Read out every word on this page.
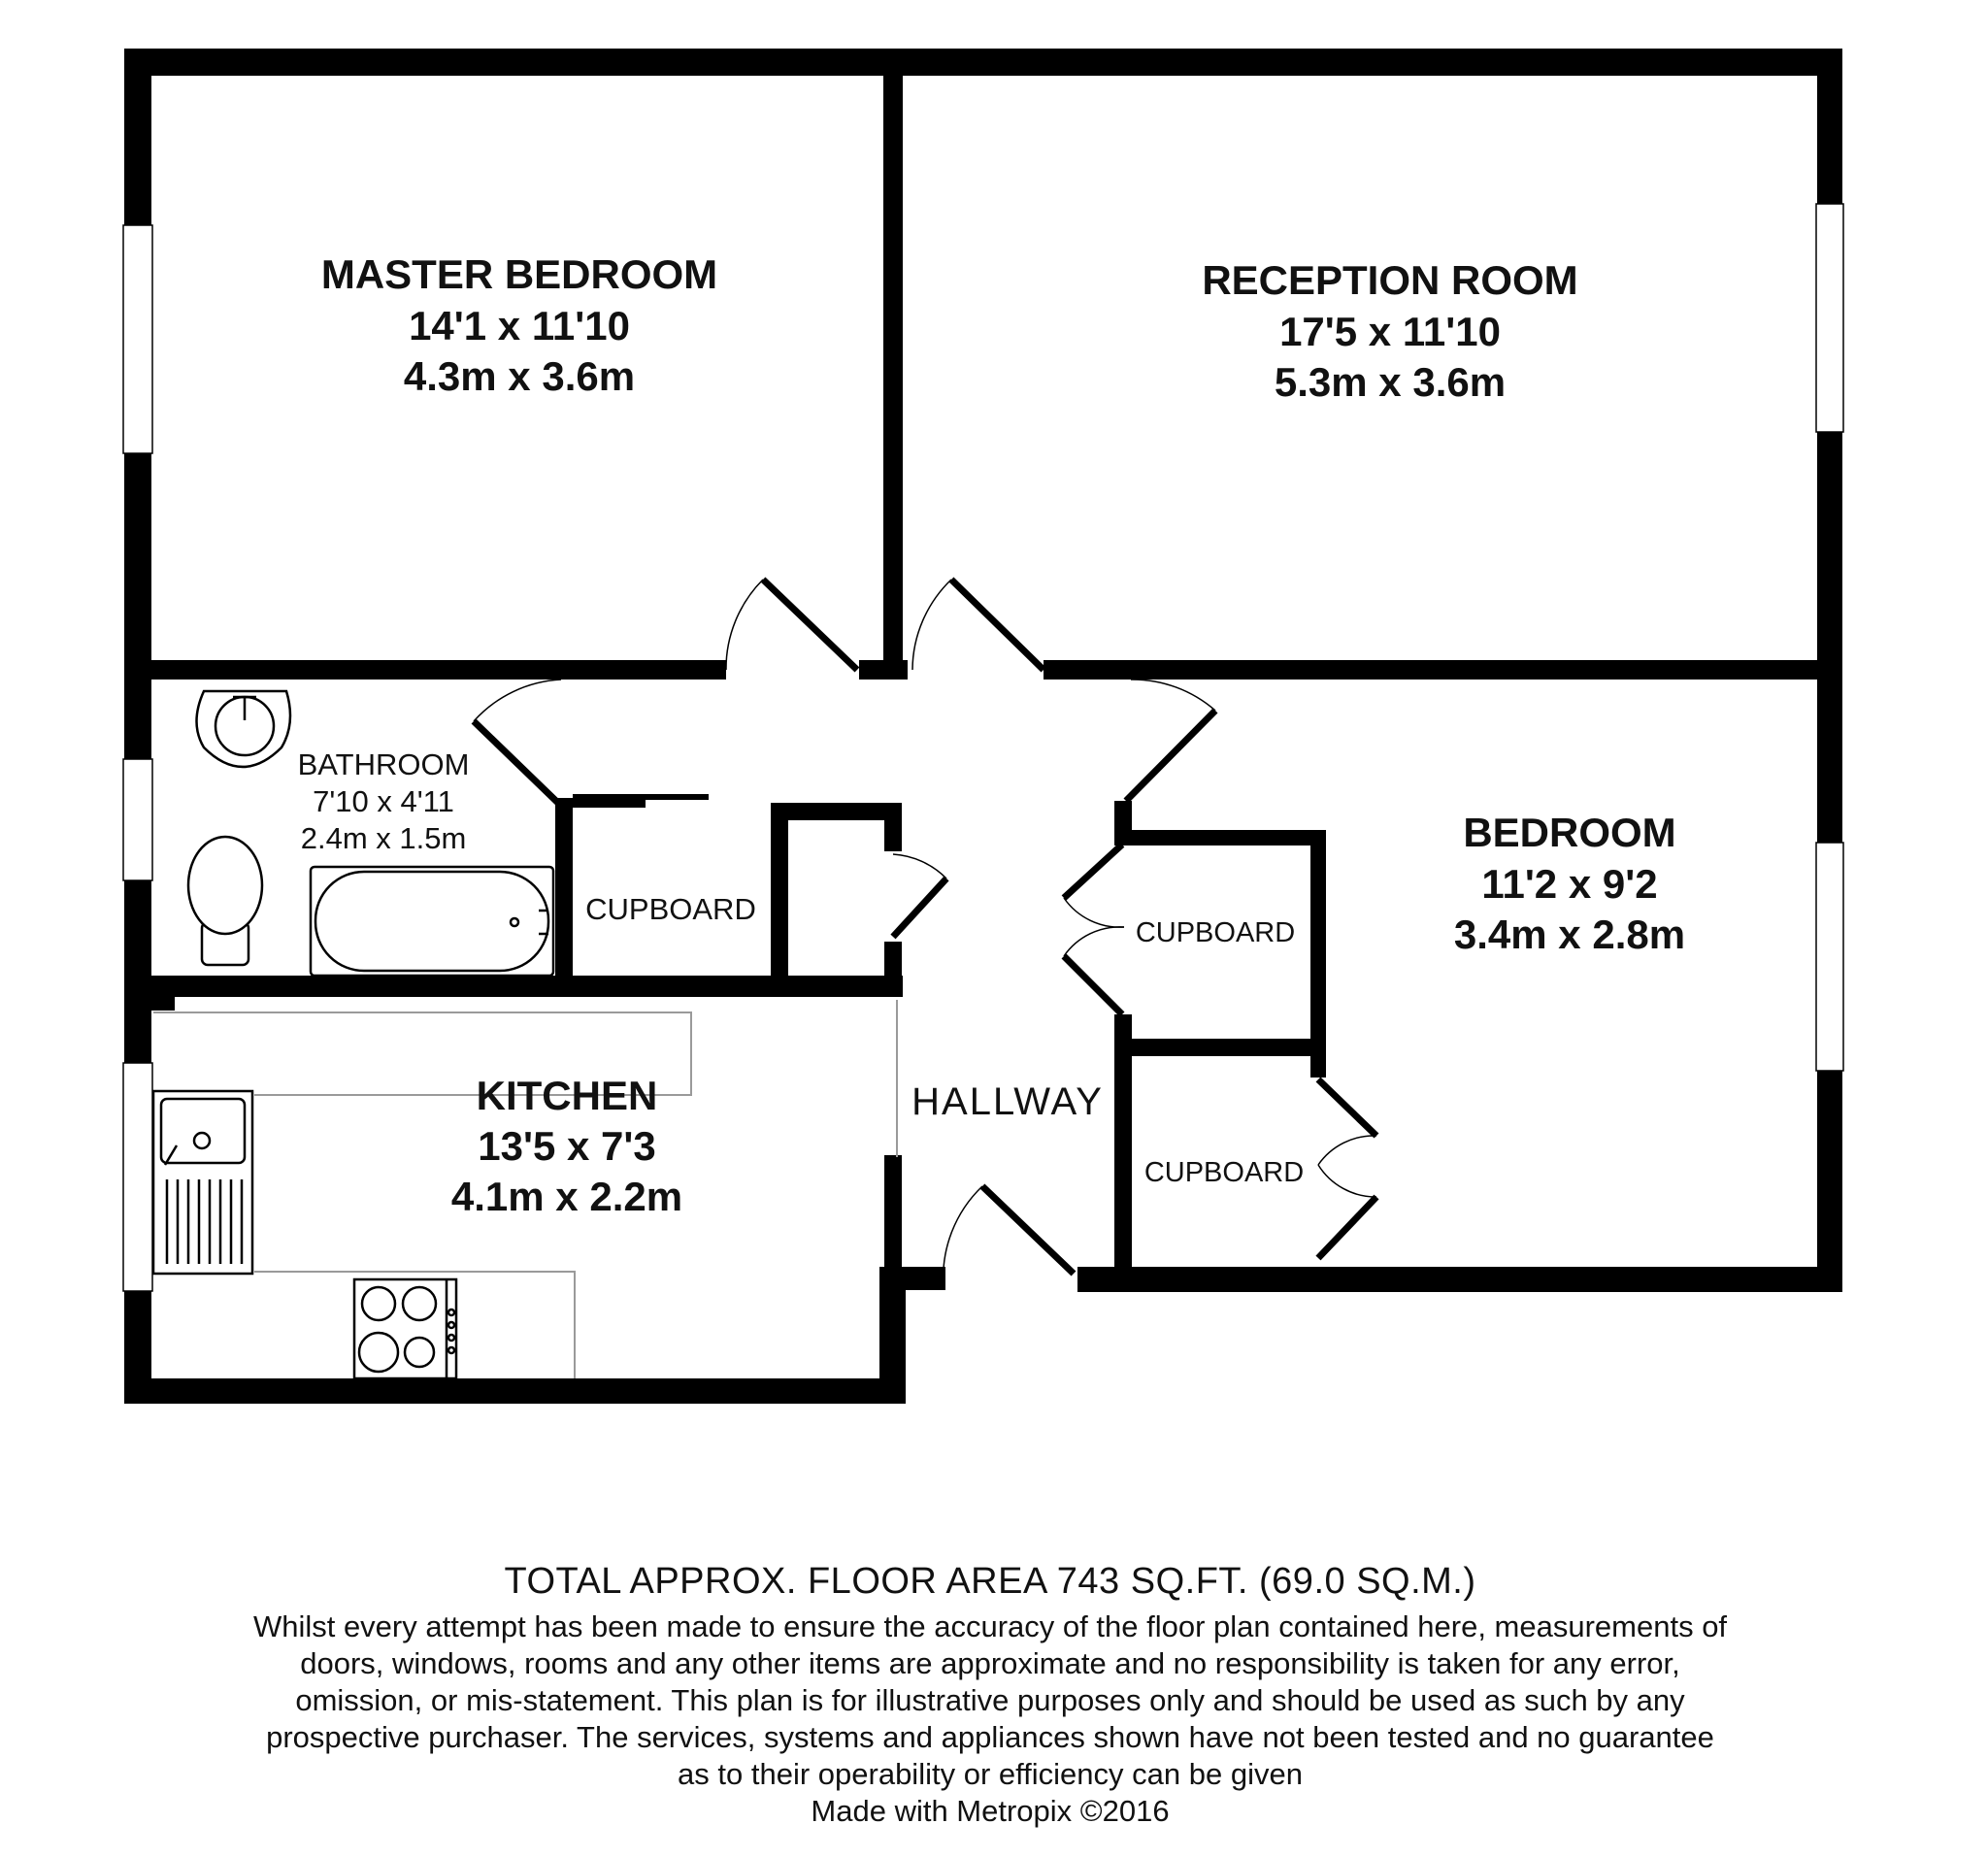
MASTER BEDROOM
14'1 x 11'10
4.3m x 3.6m
RECEPTION ROOM
17'5 x 11'10
5.3m x 3.6m
BATHROOM
7'10 x 4'11
2.4m x 1.5m	BEDROOM
11'2 x 9'2
3.4m x 2.8m
KITCHEN
13'5 x 7'3
4.1m x 2.2m
HALLWAY
CUPBOARD
CUPBOARD
CUPBOARD
TOTAL APPROX. FLOOR AREA 743 SQ.FT. (69.0 SQ.M.)
Whilst every attempt has been made to ensure the accuracy of the floor plan contained here, measurements of doors, windows, rooms and any other items are approximate and no responsibility is taken for any error, omission, or mis-statement. This plan is for illustrative purposes only and should be used as such by any prospective purchaser. The services, systems and appliances shown have not been tested and no guarantee as to their operability or efficiency can be given
Made with Metropix ©2016
